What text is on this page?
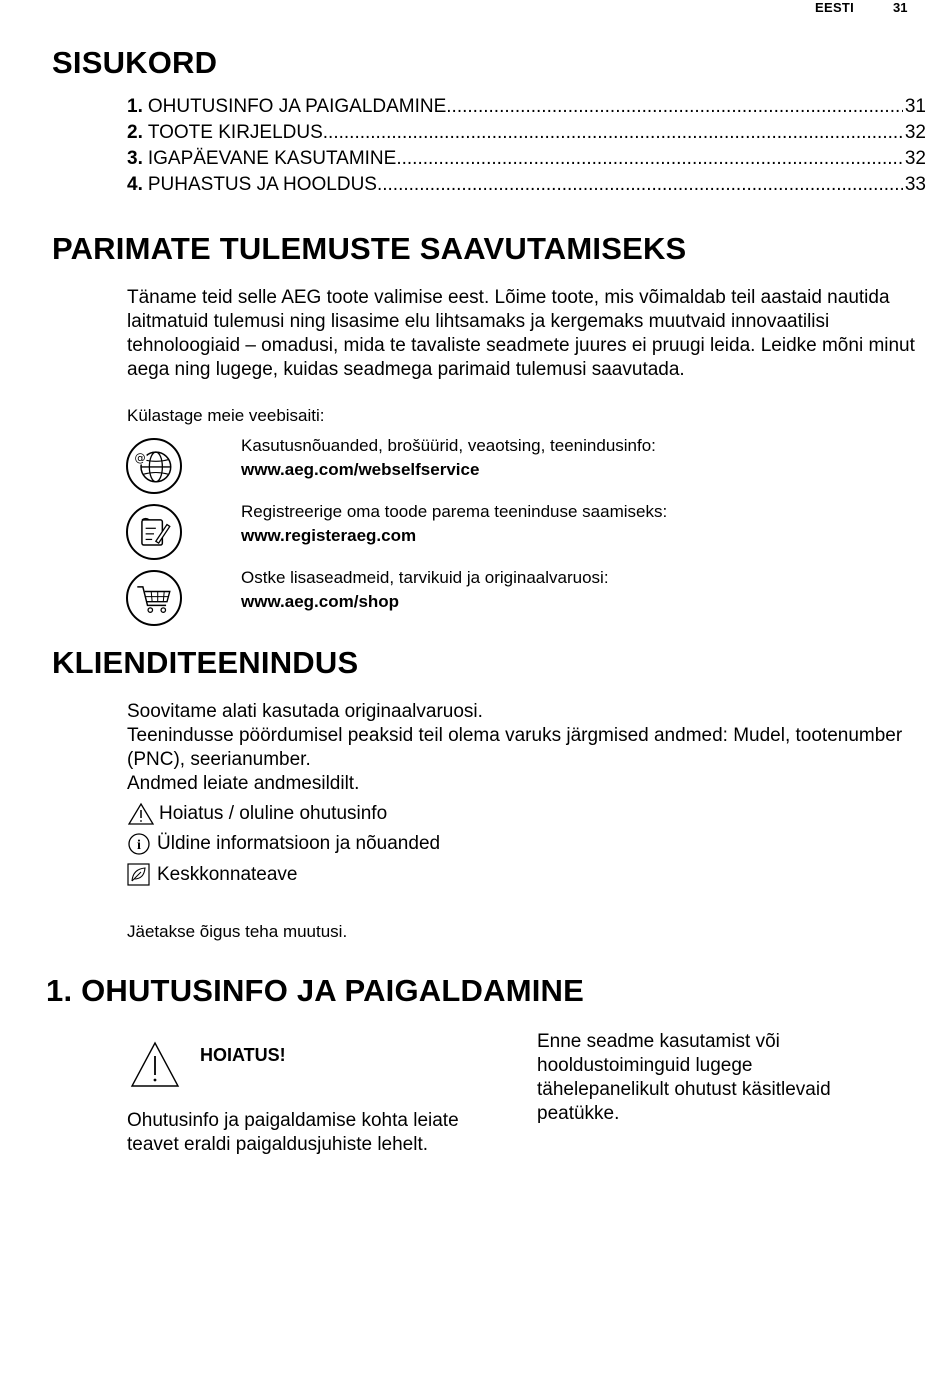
EESTI	31
SISUKORD
1. OHUTUSINFO JA PAIGALDAMINE .....	31
2. TOOTE KIRJELDUS .....	32
3. IGAPÄEVANE KASUTAMINE .....	32
4. PUHASTUS JA HOOLDUS .....	33
PARIMATE TULEMUSTE SAAVUTAMISEKS

Täname teid selle AEG toote valimise eest. Lõime toote, mis võimaldab teil aastaid nautida laitmatuid tulemusi ning lisasime elu lihtsamaks ja kergemaks muutvaid innovaatilisi tehnoloogiaid – omadusi, mida te tavaliste seadmete juures ei pruugi leida. Leidke mõni minut aega ning lugege, kuidas seadmega parimaid tulemusi saavutada.

Külastage meie veebisaiti:

@
Kasutusnõuanded, brošüürid, veaotsing, teenindusinfo:
www.aeg.com/webselfservice
Registreerige oma toode parema teeninduse saamiseks:
www.registeraeg.com
Ostke lisaseadmeid, tarvikuid ja originaalvaruosi:
www.aeg.com/shop
KLIENDITEENINDUS

Soovitame alati kasutada originaalvaruosi.

Teenindusse pöördumisel peaksid teil olema varuks järgmised andmed: Mudel, tootenumber (PNC), seerianumber.

Andmed leiate andmesildilt.

Hoiatus / oluline ohutusinfo
i Üldine informatsioon ja nõuanded
Keskkonnateave

Jäetakse õigus teha muutusi.

1. OHUTUSINFO JA PAIGALDAMINE
HOIATUS!
Ohutusinfo ja paigaldamise kohta leiate teavet eraldi paigaldusjuhiste lehelt.
Enne seadme kasutamist või hooldustoiminguid lugege tähelepanelikult ohutust käsitlevaid peatükke.
